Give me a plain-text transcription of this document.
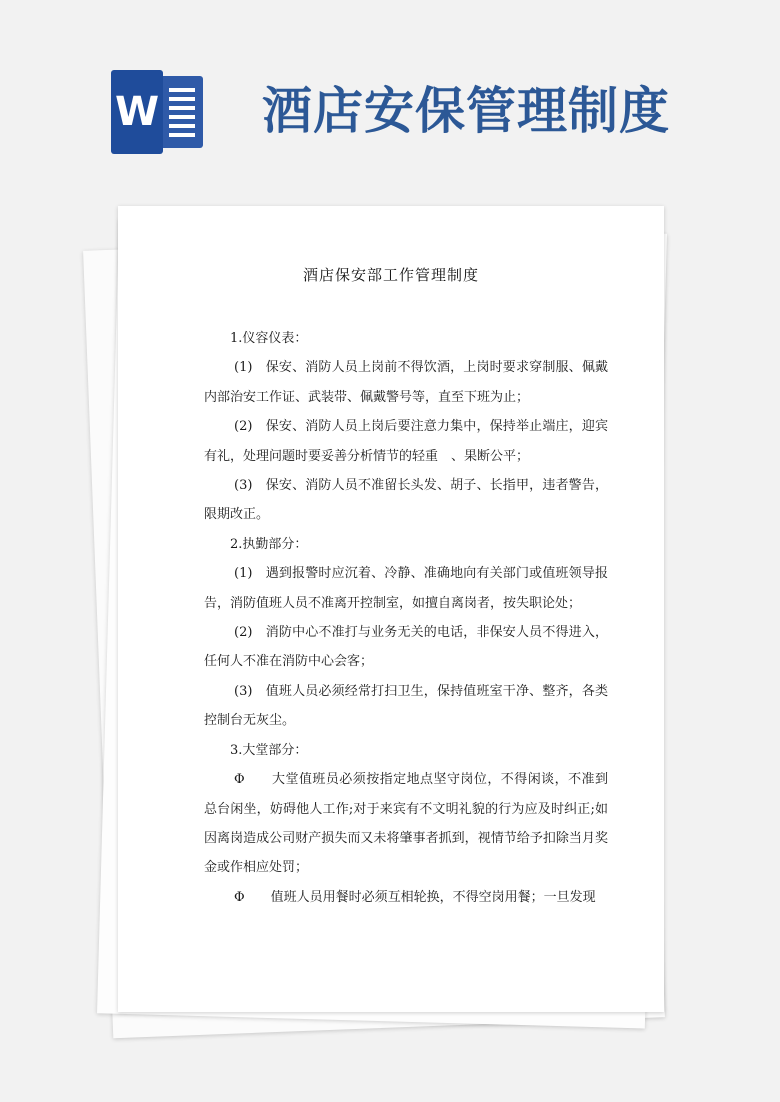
W 酒店安保管理制度
酒店保安部工作管理制度

1.仪容仪表：

(1)　保安、消防人员上岗前不得饮酒，上岗时要求穿制服、佩戴内部治安工作证、武装带、佩戴警号等，直至下班为止；

(2)　保安、消防人员上岗后要注意力集中，保持举止端庄，迎宾有礼，处理问题时要妥善分析情节的轻重　、果断公平；

(3)　保安、消防人员不准留长头发、胡子、长指甲，违者警告，限期改正。

2.执勤部分：

(1)　遇到报警时应沉着、冷静、准确地向有关部门或值班领导报告，消防值班人员不准离开控制室，如擅自离岗者，按失职论处；

(2)　消防中心不准打与业务无关的电话，非保安人员不得进入，任何人不准在消防中心会客；

(3)　值班人员必须经常打扫卫生，保持值班室干净、整齐，各类控制台无灰尘。

3.大堂部分：

Φ　　大堂值班员必须按指定地点坚守岗位，不得闲谈，不准到总台闲坐，妨碍他人工作;对于来宾有不文明礼貌的行为应及时纠正;如因离岗造成公司财产损失而又未将肇事者抓到，视情节给予扣除当月奖金或作相应处罚；

Φ　　值班人员用餐时必须互相轮换，不得空岗用餐；一旦发现
